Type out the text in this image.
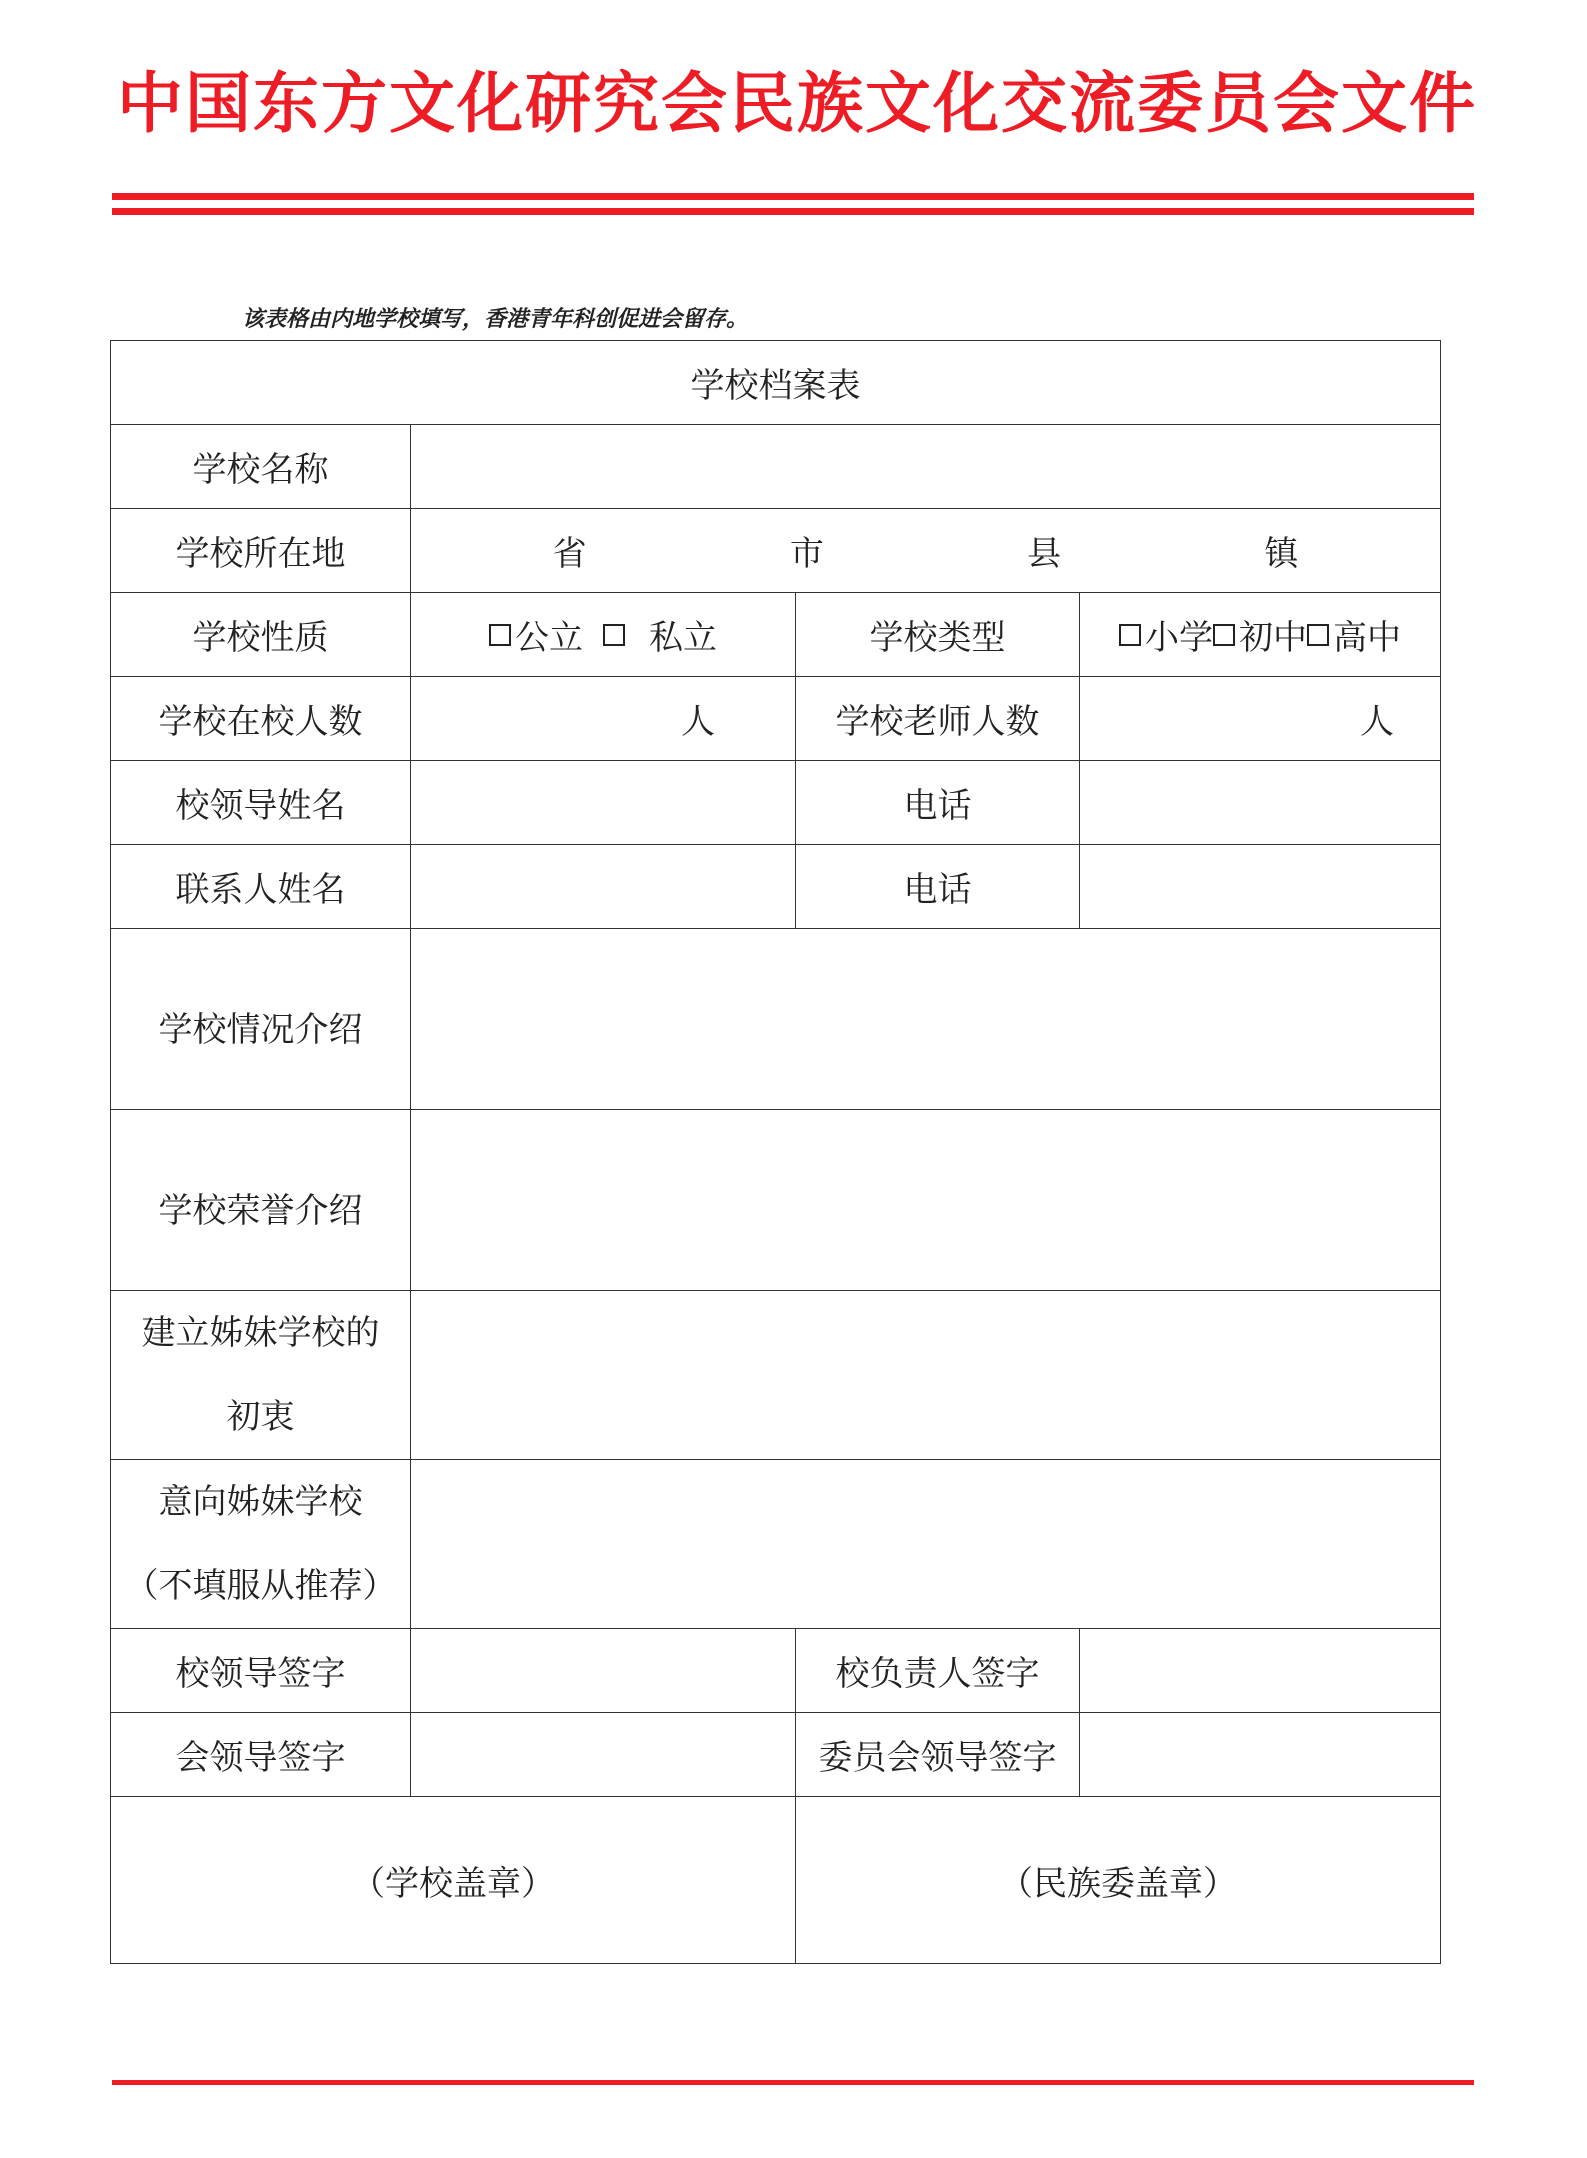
中国东方文化研究会民族文化交流委员会文件
该表格由内地学校填写，香港青年科创促进会留存。
学校档案表			
学校名称			
学校所在地	省 市 县 镇		

学校性质	公立 私立	学校类型	小学 初中 高中

学校在校人数	人	学校老师人数	人

校领导姓名		电话	
联系人姓名		电话	
学校情况介绍			
学校荣誉介绍			

建立姊妹学校的
初衷			

意向姊妹学校
（不填服从推荐）			

校领导签字		校负责人签字	
会领导签字		委员会领导签字	
（学校盖章）		（民族委盖章）	
